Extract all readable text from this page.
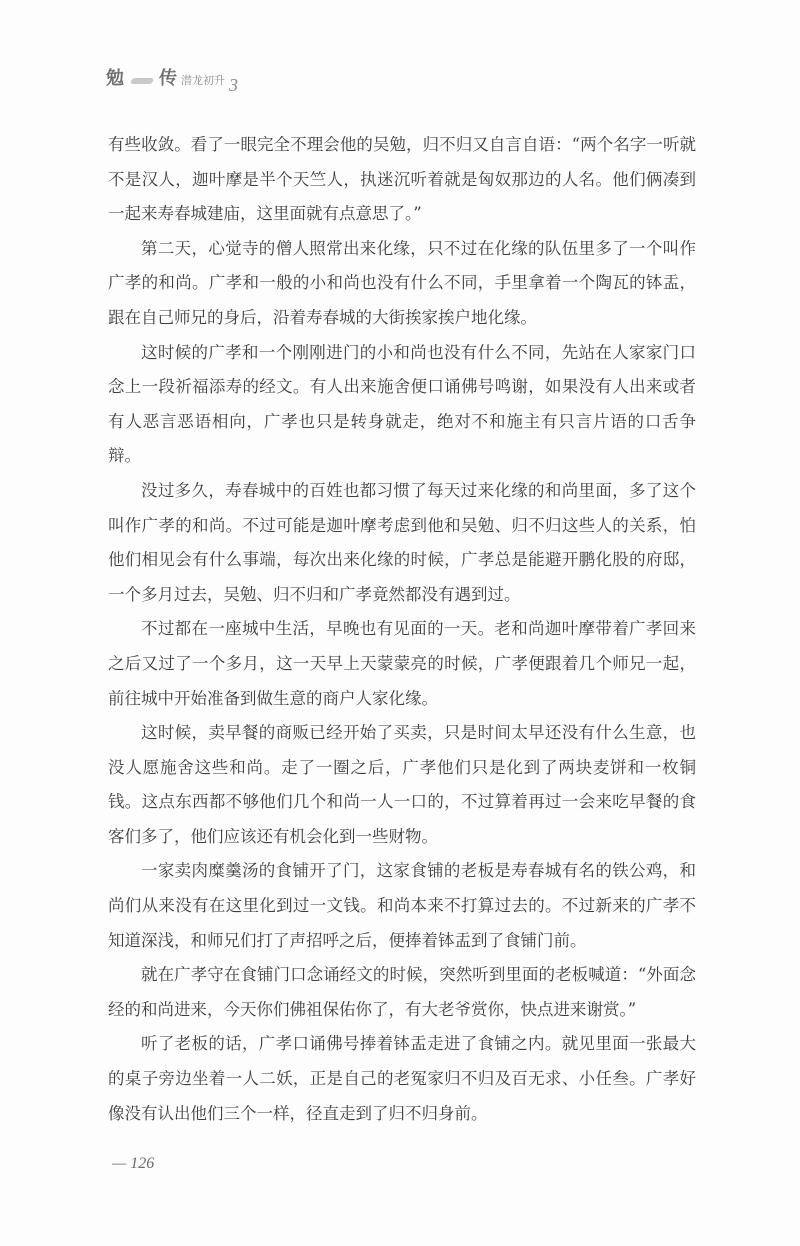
勉 传 潜龙初升 3

有些收敛。看了一眼完全不理会他的吴勉，归不归又自言自语：“两个名字一听就不是汉人，迦叶摩是半个天竺人，执迷沉听着就是匈奴那边的人名。他们俩凑到一起来寿春城建庙，这里面就有点意思了。”

第二天，心觉寺的僧人照常出来化缘，只不过在化缘的队伍里多了一个叫作广孝的和尚。广孝和一般的小和尚也没有什么不同，手里拿着一个陶瓦的钵盂，跟在自己师兄的身后，沿着寿春城的大街挨家挨户地化缘。

这时候的广孝和一个刚刚进门的小和尚也没有什么不同，先站在人家家门口念上一段祈福添寿的经文。有人出来施舍便口诵佛号鸣谢，如果没有人出来或者有人恶言恶语相向，广孝也只是转身就走，绝对不和施主有只言片语的口舌争辩。

没过多久，寿春城中的百姓也都习惯了每天过来化缘的和尚里面，多了这个叫作广孝的和尚。不过可能是迦叶摩考虑到他和吴勉、归不归这些人的关系，怕他们相见会有什么事端，每次出来化缘的时候，广孝总是能避开鹏化股的府邸，一个多月过去，吴勉、归不归和广孝竟然都没有遇到过。

不过都在一座城中生活，早晚也有见面的一天。老和尚迦叶摩带着广孝回来之后又过了一个多月，这一天早上天蒙蒙亮的时候，广孝便跟着几个师兄一起，前往城中开始准备到做生意的商户人家化缘。

这时候，卖早餐的商贩已经开始了买卖，只是时间太早还没有什么生意，也没人愿施舍这些和尚。走了一圈之后，广孝他们只是化到了两块麦饼和一枚铜钱。这点东西都不够他们几个和尚一人一口的，不过算着再过一会来吃早餐的食客们多了，他们应该还有机会化到一些财物。

一家卖肉糜羹汤的食铺开了门，这家食铺的老板是寿春城有名的铁公鸡，和尚们从来没有在这里化到过一文钱。和尚本来不打算过去的。不过新来的广孝不知道深浅，和师兄们打了声招呼之后，便捧着钵盂到了食铺门前。

就在广孝守在食铺门口念诵经文的时候，突然听到里面的老板喊道：“外面念经的和尚进来，今天你们佛祖保佑你了，有大老爷赏你，快点进来谢赏。”

听了老板的话，广孝口诵佛号捧着钵盂走进了食铺之内。就见里面一张最大的桌子旁边坐着一人二妖，正是自己的老冤家归不归及百无求、小任叁。广孝好像没有认出他们三个一样，径直走到了归不归身前。

— 126
